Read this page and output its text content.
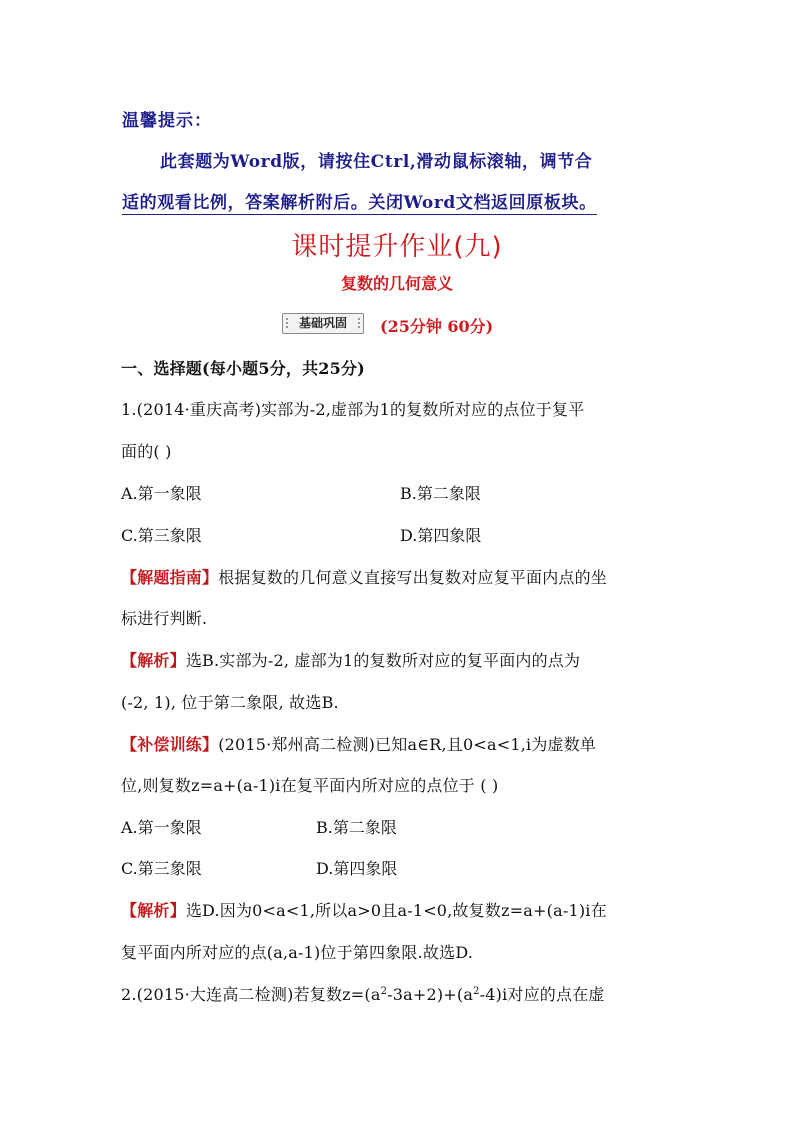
温馨提示：
此套题为Word版，请按住Ctrl,滑动鼠标滚轴，调节合
适的观看比例，答案解析附后。关闭Word文档返回原板块。
课时提升作业(九)
复数的几何意义
基础巩固	(25分钟 60分)
一、选择题(每小题5分，共25分)
1.(2014·重庆高考)实部为-2,虚部为1的复数所对应的点位于复平
面的( )
A.第一象限	B.第二象限
C.第三象限	D.第四象限
【解题指南】根据复数的几何意义直接写出复数对应复平面内点的坐
标进行判断.
【解析】选B.实部为-2, 虚部为1的复数所对应的复平面内的点为
(-2, 1), 位于第二象限, 故选B.
【补偿训练】(2015·郑州高二检测)已知a∈R,且0<a<1,i为虚数单
位,则复数z=a+(a-1)i在复平面内所对应的点位于 ( )
A.第一象限	B.第二象限
C.第三象限	D.第四象限
【解析】选D.因为0<a<1,所以a>0且a-1<0,故复数z=a+(a-1)i在
复平面内所对应的点(a,a-1)位于第四象限.故选D.
2.(2015·大连高二检测)若复数$z=(a^2-3a+2)+(a^2-4)i$对应的点在虚
